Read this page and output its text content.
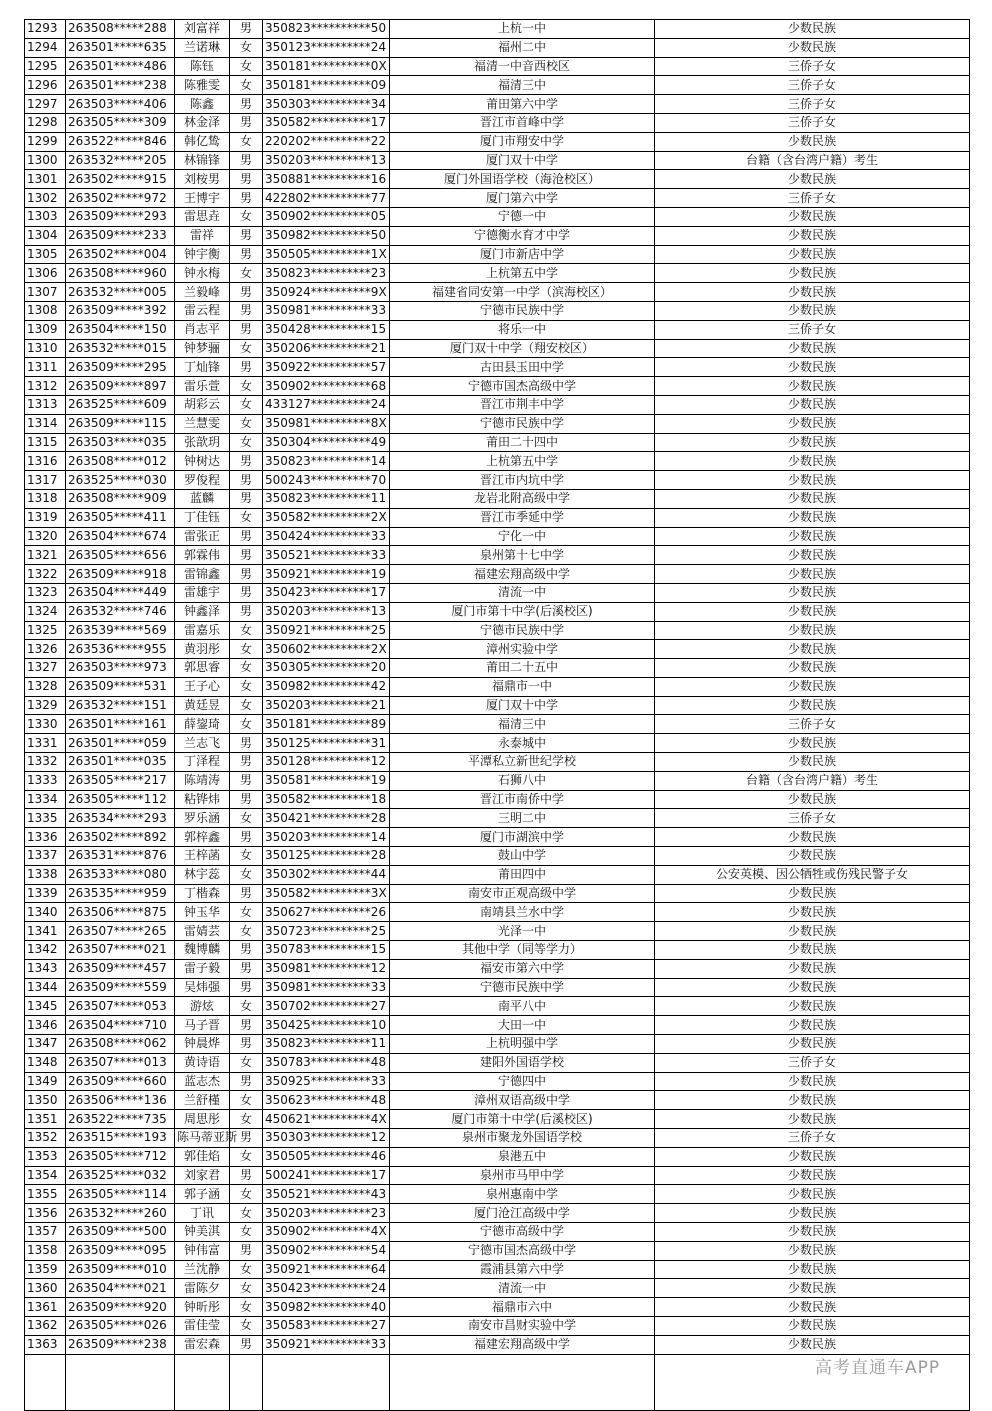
1293	263508*****288	刘富祥	男	350823**********50	上杭一中	少数民族
1294	263501*****635	兰诺琳	女	350123**********24	福州二中	少数民族
1295	263501*****486	陈钰	女	350181**********0X	福清一中音西校区	三侨子女
1296	263501*****238	陈雅雯	女	350181**********09	福清三中	三侨子女
1297	263503*****406	陈鑫	男	350303**********34	莆田第六中学	三侨子女
1298	263505*****309	林金泽	男	350582**********17	晋江市首峰中学	三侨子女
1299	263522*****846	韩亿鸷	女	220202**********22	厦门市翔安中学	少数民族
1300	263532*****205	林锦锋	男	350203**********13	厦门双十中学	台籍（含台湾户籍）考生
1301	263502*****915	刘桉男	男	350881**********16	厦门外国语学校（海沧校区）	少数民族
1302	263502*****972	王博宇	男	422802**********77	厦门第六中学	三侨子女
1303	263509*****293	雷思垚	女	350902**********05	宁德一中	少数民族
1304	263509*****233	雷祥	男	350982**********50	宁德衡水育才中学	少数民族
1305	263502*****004	钟宇衡	男	350505**********1X	厦门市新店中学	少数民族
1306	263508*****960	钟水梅	女	350823**********23	上杭第五中学	少数民族
1307	263532*****005	兰毅峰	男	350924**********9X	福建省同安第一中学（滨海校区）	少数民族
1308	263509*****392	雷云程	男	350981**********33	宁德市民族中学	少数民族
1309	263504*****150	肖志平	男	350428**********15	将乐一中	三侨子女
1310	263532*****015	钟梦骊	女	350206**********21	厦门双十中学（翔安校区）	少数民族
1311	263509*****295	丁灿锋	男	350922**********57	古田县玉田中学	少数民族
1312	263509*****897	雷乐萱	女	350902**********68	宁德市国杰高级中学	少数民族
1313	263525*****609	胡彩云	女	433127**********24	晋江市荆丰中学	少数民族
1314	263509*****115	兰慧雯	女	350981**********8X	宁德市民族中学	少数民族
1315	263503*****035	张歆玥	女	350304**********49	莆田二十四中	少数民族
1316	263508*****012	钟树达	男	350823**********14	上杭第五中学	少数民族
1317	263525*****030	罗俊程	男	500243**********70	晋江市内坑中学	少数民族
1318	263508*****909	蓝麟	男	350823**********11	龙岩北附高级中学	少数民族
1319	263505*****411	丁佳钰	女	350582**********2X	晋江市季延中学	少数民族
1320	263504*****674	雷张正	男	350424**********33	宁化一中	少数民族
1321	263505*****656	郭霖伟	男	350521**********33	泉州第十七中学	少数民族
1322	263509*****918	雷锦鑫	男	350921**********19	福建宏翔高级中学	少数民族
1323	263504*****449	雷雄宇	男	350423**********17	清流一中	少数民族
1324	263532*****746	钟鑫泽	男	350203**********13	厦门市第十中学(后溪校区)	少数民族
1325	263539*****569	雷嘉乐	女	350921**********25	宁德市民族中学	少数民族
1326	263536*****955	黄羽彤	女	350602**********2X	漳州实验中学	少数民族
1327	263503*****973	郭思睿	女	350305**********20	莆田二十五中	少数民族
1328	263509*****531	王子心	女	350982**********42	福鼎市一中	少数民族
1329	263532*****151	黄廷昱	女	350203**********21	厦门双十中学	少数民族
1330	263501*****161	薛鋆琦	女	350181**********89	福清三中	三侨子女
1331	263501*****059	兰志飞	男	350125**********31	永泰城中	少数民族
1332	263501*****035	丁泽程	男	350128**********12	平潭私立新世纪学校	少数民族
1333	263505*****217	陈靖涛	男	350581**********19	石狮八中	台籍（含台湾户籍）考生
1334	263505*****112	粘铧炜	男	350582**********18	晋江市南侨中学	少数民族
1335	263534*****293	罗乐涵	女	350421**********28	三明二中	三侨子女
1336	263502*****892	郭梓鑫	男	350203**********14	厦门市湖滨中学	少数民族
1337	263531*****876	王梓菡	女	350125**********28	鼓山中学	少数民族
1338	263533*****080	林宇蕊	女	350302**********44	莆田四中	公安英模、因公牺牲或伤残民警子女
1339	263535*****959	丁楷森	男	350582**********3X	南安市正观高级中学	少数民族
1340	263506*****875	钟玉华	女	350627**********26	南靖县兰水中学	少数民族
1341	263507*****265	雷婧芸	女	350723**********25	光泽一中	少数民族
1342	263507*****021	魏博麟	男	350783**********15	其他中学（同等学力）	少数民族
1343	263509*****457	雷子毅	男	350981**********12	福安市第六中学	少数民族
1344	263509*****559	吴炜强	男	350981**********33	宁德市民族中学	少数民族
1345	263507*****053	游炫	女	350702**********27	南平八中	少数民族
1346	263504*****710	马子晋	男	350425**********10	大田一中	少数民族
1347	263508*****062	钟晨烨	男	350823**********11	上杭明强中学	少数民族
1348	263507*****013	黄诗语	女	350783**********48	建阳外国语学校	三侨子女
1349	263509*****660	蓝志杰	男	350925**********33	宁德四中	少数民族
1350	263506*****136	兰舒槿	女	350623**********48	漳州双语高级中学	少数民族
1351	263522*****735	周思彤	女	450621**********4X	厦门市第十中学(后溪校区)	少数民族
1352	263515*****193	陈马蒂亚斯	男	350303**********12	泉州市聚龙外国语学校	三侨子女
1353	263505*****712	郭佳焰	女	350505**********46	泉港五中	少数民族
1354	263525*****032	刘家君	男	500241**********17	泉州市马甲中学	少数民族
1355	263505*****114	郭子涵	女	350521**********43	泉州惠南中学	少数民族
1356	263532*****260	丁讯	女	350203**********23	厦门沧江高级中学	少数民族
1357	263509*****500	钟美淇	女	350902**********4X	宁德市高级中学	少数民族
1358	263509*****095	钟伟富	男	350902**********54	宁德市国杰高级中学	少数民族
1359	263509*****010	兰沈静	女	350921**********64	霞浦县第六中学	少数民族
1360	263504*****021	雷陈夕	女	350423**********24	清流一中	少数民族
1361	263509*****920	钟昕彤	女	350982**********40	福鼎市六中	少数民族
1362	263505*****026	雷佳莹	女	350583**********27	南安市昌财实验中学	少数民族
1363	263509*****238	雷宏森	男	350921**********33	福建宏翔高级中学	少数民族

高考直通车APP
